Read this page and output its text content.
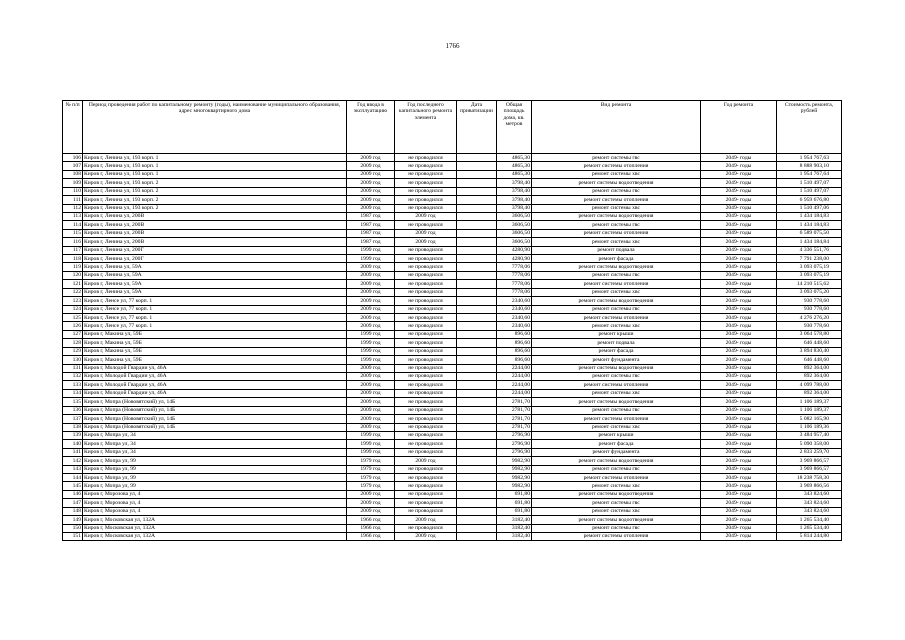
1766
№ п/п	Период проведения работ по капитальному ремонту (годы), наименование муниципального образования, адрес многоквартирного дома	Год ввода в эксплуатацию	Год последнего капитального ремонта элемента	Дата приватизации	Общая площадь дома, кв. метров	Вид ремонта	Год ремонта	Стоимость ремонта, рублей
106	Киров г, Ленина ул, 193 корп. 1	2009 год	не проводился		4865,30	ремонт системы гвс	2049- годы	1 954 767,63
107	Киров г, Ленина ул, 193 корп. 1	2009 год	не проводился		4865,30	ремонт системы отопления	2049- годы	8 888 903,10
108	Киров г, Ленина ул, 193 корп. 1	2009 год	не проводился		4865,30	ремонт системы хвс	2049- годы	1 954 767,64
109	Киров г, Ленина ул, 193 корп. 2	2009 год	не проводился		3798,40	ремонт системы водоотведения	2049- годы	1 510 497,07
110	Киров г, Ленина ул, 193 корп. 2	2009 год	не проводился		3798,40	ремонт системы гвс	2049- годы	1 510 497,07
111	Киров г, Ленина ул, 193 корп. 2	2009 год	не проводился		3798,40	ремонт системы отопления	2049- годы	6 959 676,80
112	Киров г, Ленина ул, 193 корп. 2	2009 год	не проводился		3798,40	ремонт системы хвс	2049- годы	1 510 497,06
113	Киров г, Ленина ул, 200В	1987 год	2009 год		3606,50	ремонт системы водоотведения	2049- годы	1 434 184,83
114	Киров г, Ленина ул, 200В	1987 год	не проводился		3606,50	ремонт системы гвс	2049- годы	1 434 184,83
115	Киров г, Ленина ул, 200В	1987 год	2009 год		3606,50	ремонт системы отопления	2049- годы	6 589 075,50
116	Киров г, Ленина ул, 200В	1987 год	2009 год		3606,50	ремонт системы хвс	2049- годы	1 434 184,84
117	Киров г, Ленина ул, 200Г	1999 год	не проводился		4280,90	ремонт подвала	2049- годы	4 336 551,76
118	Киров г, Ленина ул, 200Г	1999 год	не проводился		4280,90	ремонт фасада	2049- годы	7 791 238,00
119	Киров г, Ленина ул, 59А	2009 год	не проводился		7778,06	ремонт системы водоотведения	2049- годы	3 093 075,19
120	Киров г, Ленина ул, 59А	2009 год	не проводился		7778,06	ремонт системы гвс	2049- годы	3 093 075,19
121	Киров г, Ленина ул, 59А	2009 год	не проводился		7778,06	ремонт системы отопления	2049- годы	14 210 515,62
122	Киров г, Ленина ул, 59А	2009 год	не проводился		7778,06	ремонт системы хвс	2049- годы	3 093 075,20
123	Киров г, Ленсе ул, 77 корп. 1	2009 год	не проводился		2340,60	ремонт системы водоотведения	2049- годы	930 778,60
124	Киров г, Ленсе ул, 77 корп. 1	2009 год	не проводился		2340,60	ремонт системы гвс	2049- годы	930 778,60
125	Киров г, Ленсе ул, 77 корп. 1	2009 год	не проводился		2340,60	ремонт системы отопления	2049- годы	4 276 276,20
126	Киров г, Ленсе ул, 77 корп. 1	2009 год	не проводился		2340,60	ремонт системы хвс	2049- годы	930 778,60
127	Киров г, Макина ул, 59Б	1999 год	не проводился		896,60	ремонт крыши	2049- годы	3 064 578,80
128	Киров г, Макина ул, 59Б	1999 год	не проводился		896,60	ремонт подвала	2049- годы	646 448,60
129	Киров г, Макина ул, 59Б	1999 год	не проводился		896,60	ремонт фасада	2049- годы	3 894 830,40
130	Киров г, Макина ул, 59Б	1999 год	не проводился		896,60	ремонт фундамента	2049- годы	646 448,60
131	Киров г, Молодой Гвардии ул, 46А	2009 год	не проводился		2244,00	ремонт системы водоотведения	2049- годы	892 364,00
132	Киров г, Молодой Гвардии ул, 46А	2009 год	не проводился		2244,00	ремонт системы гвс	2049- годы	892 364,00
133	Киров г, Молодой Гвардии ул, 46А	2009 год	не проводился		2244,00	ремонт системы отопления	2049- годы	4 099 788,00
134	Киров г, Молодой Гвардии ул, 46А	2009 год	не проводился		2244,00	ремонт системы хвс	2049- годы	892 364,00
135	Киров г, Мопра (Нововятский) ул, 14Б	2009 год	не проводился		2781,70	ремонт системы водоотведения	2049- годы	1 106 189,37
136	Киров г, Мопра (Нововятский) ул, 14Б	2009 год	не проводился		2781,70	ремонт системы гвс	2049- годы	1 106 189,37
137	Киров г, Мопра (Нововятский) ул, 14Б	2009 год	не проводился		2781,70	ремонт системы отопления	2049- годы	5 082 165,90
138	Киров г, Мопра (Нововятский) ул, 14Б	2009 год	не проводился		2781,70	ремонт системы хвс	2049- годы	1 106 189,36
139	Киров г, Мопра ул, 34	1999 год	не проводился		2796,90	ремонт крыши	2049- годы	3 484 957,40
140	Киров г, Мопра ул, 34	1999 год	не проводился		2796,90	ремонт фасада	2049- годы	5 090 358,00
141	Киров г, Мопра ул, 34	1999 год	не проводился		2796,90	ремонт фундамента	2049- годы	2 833 259,70
142	Киров г, Мопра ул, 99	1979 год	2009 год		9982,90	ремонт системы водоотведения	2049- годы	3 969 866,57
143	Киров г, Мопра ул, 99	1979 год	не проводился		9982,90	ремонт системы гвс	2049- годы	3 969 866,57
144	Киров г, Мопра ул, 99	1979 год	не проводился		9982,90	ремонт системы отопления	2049- годы	18 238 758,30
145	Киров г, Мопра ул, 99	1979 год	не проводился		9982,90	ремонт системы хвс	2049- годы	3 969 866,56
146	Киров г, Морозова ул, 4	2009 год	не проводился		691,80	ремонт системы водоотведения	2049- годы	343 824,60
147	Киров г, Морозова ул, 4	2009 год	не проводился		691,80	ремонт системы гвс	2049- годы	343 824,60
148	Киров г, Морозова ул, 4	2009 год	не проводился		691,80	ремонт системы хвс	2049- годы	343 824,60
149	Киров г, Московская ул, 132А	1966 год	2009 год		3182,40	ремонт системы водоотведения	2049- годы	1 265 534,40
150	Киров г, Московская ул, 132А	1966 год	не проводился		3182,40	ремонт системы гвс	2049- годы	1 265 534,40
151	Киров г, Московская ул, 132А	1966 год	2009 год		3182,40	ремонт системы отопления	2049- годы	5 814 244,80
